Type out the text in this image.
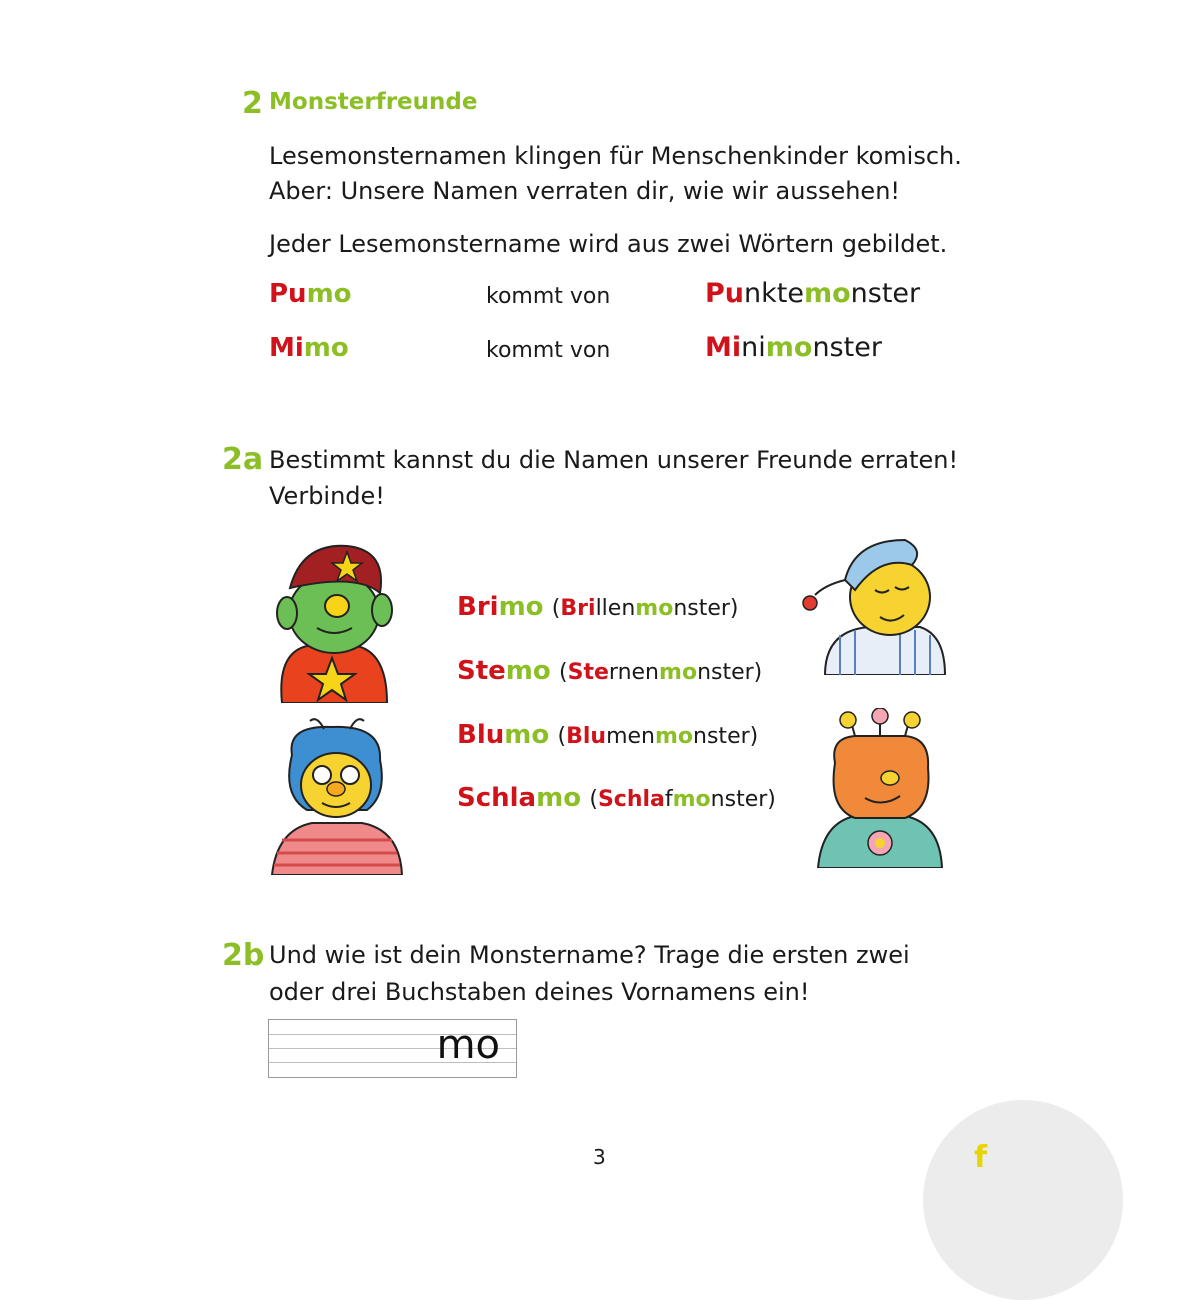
2 Monsterfreunde
Lesemonsternamen klingen für Menschenkinder komisch.
Aber: Unsere Namen verraten dir, wie wir aussehen!
Jeder Lesemonstername wird aus zwei Wörtern gebildet.
Pumo	kommt von	Punktemonster
Mimo	kommt von	Minimonster
2a Bestimmt kannst du die Namen unserer Freunde erraten!
Verbinde!
Brimo (Brillenmonster)
Stemo (Sternenmonster)
Blumo (Blumenmonster)
Schlamo (Schlafmonster)
2b Und wie ist dein Monstername? Trage die ersten zwei
oder drei Buchstaben deines Vornamens ein!
mo
3	f
